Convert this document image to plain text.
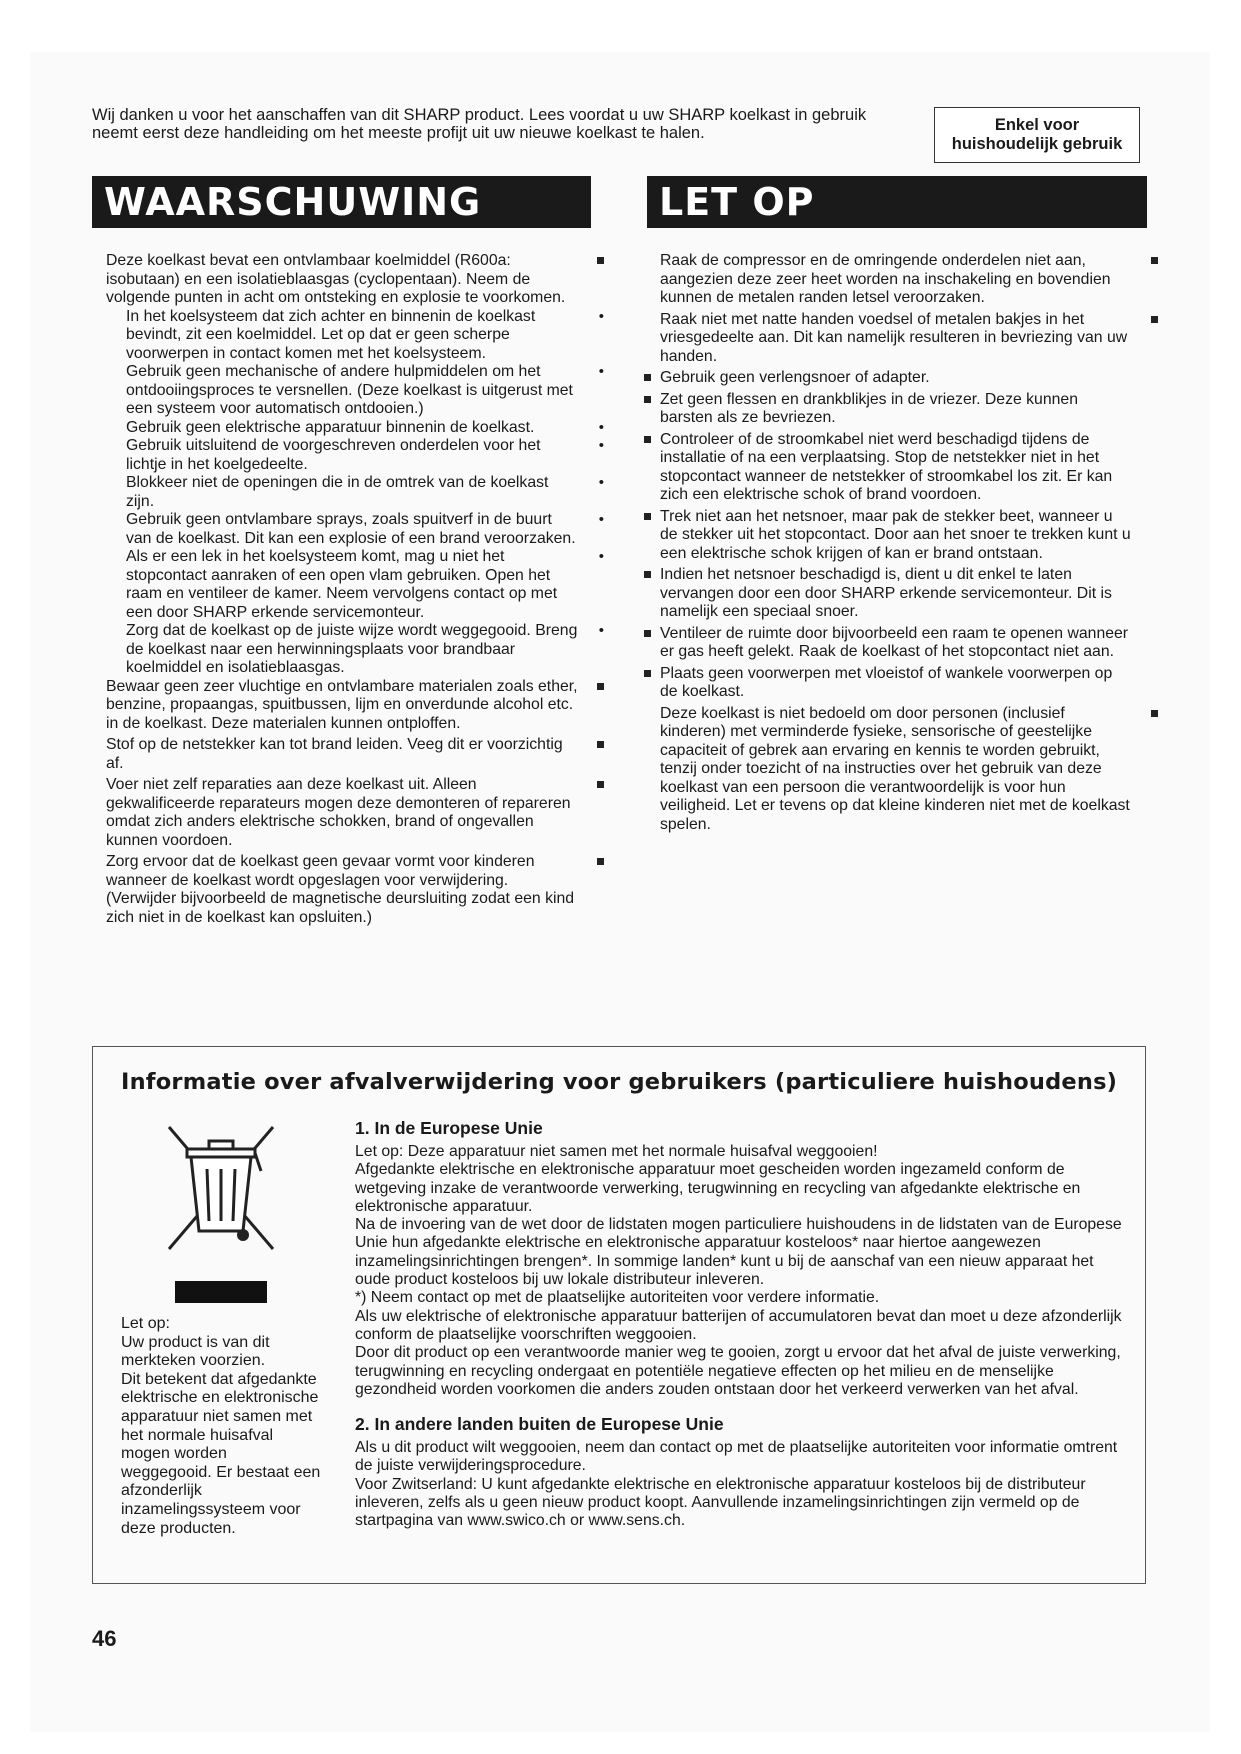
Wij danken u voor het aanschaffen van dit SHARP product. Lees voordat u uw SHARP koelkast in gebruik neemt eerst deze handleiding om het meeste profijt uit uw nieuwe koelkast te halen.	Enkel voor
huishoudelijk gebruik
WAARSCHUWING	LET OP
Deze koelkast bevat een ontvlambaar koelmiddel (R600a: isobutaan) en een isolatieblaasgas (cyclopentaan). Neem de volgende punten in acht om ontsteking en explosie te voorkomen.
In het koelsysteem dat zich achter en binnenin de koelkast bevindt, zit een koelmiddel. Let op dat er geen scherpe voorwerpen in contact komen met het koelsysteem.
•
Gebruik geen mechanische of andere hulpmiddelen om het ontdooiingsproces te versnellen. (Deze koelkast is uitgerust met een systeem voor automatisch ontdooien.)
•
Gebruik geen elektrische apparatuur binnenin de koelkast.	•
Gebruik uitsluitend de voorgeschreven onderdelen voor het lichtje in het koelgedeelte.
•
Blokkeer niet de openingen die in de omtrek van de koelkast zijn.
•
Gebruik geen ontvlambare sprays, zoals spuitverf in de buurt van de koelkast. Dit kan een explosie of een brand veroorzaken.
•
Als er een lek in het koelsysteem komt, mag u niet het stopcontact aanraken of een open vlam gebruiken. Open het raam en ventileer de kamer. Neem vervolgens contact op met een door SHARP erkende servicemonteur.
•
Zorg dat de koelkast op de juiste wijze wordt weggegooid. Breng de koelkast naar een herwinningsplaats voor brandbaar koelmiddel en isolatieblaasgas.
•
Bewaar geen zeer vluchtige en ontvlambare materialen zoals ether, benzine, propaangas, spuitbussen, lijm en onverdunde alcohol etc. in de koelkast. Deze materialen kunnen ontploffen.
Stof op de netstekker kan tot brand leiden. Veeg dit er voorzichtig af.
Voer niet zelf reparaties aan deze koelkast uit. Alleen gekwalificeerde reparateurs mogen deze demonteren of repareren omdat zich anders elektrische schokken, brand of ongevallen kunnen voordoen.
Zorg ervoor dat de koelkast geen gevaar vormt voor kinderen wanneer de koelkast wordt opgeslagen voor verwijdering. (Verwijder bijvoorbeeld de magnetische deursluiting zodat een kind zich niet in de koelkast kan opsluiten.)
Raak de compressor en de omringende onderdelen niet aan, aangezien deze zeer heet worden na inschakeling en bovendien kunnen de metalen randen letsel veroorzaken.
Raak niet met natte handen voedsel of metalen bakjes in het vriesgedeelte aan. Dit kan namelijk resulteren in bevriezing van uw handen.
Gebruik geen verlengsnoer of adapter.
Zet geen flessen en drankblikjes in de vriezer. Deze kunnen barsten als ze bevriezen.
Controleer of de stroomkabel niet werd beschadigd tijdens de installatie of na een verplaatsing. Stop de netstekker niet in het stopcontact wanneer de netstekker of stroomkabel los zit. Er kan zich een elektrische schok of brand voordoen.
Trek niet aan het netsnoer, maar pak de stekker beet, wanneer u de stekker uit het stopcontact. Door aan het snoer te trekken kunt u een elektrische schok krijgen of kan er brand ontstaan.
Indien het netsnoer beschadigd is, dient u dit enkel te laten vervangen door een door SHARP erkende servicemonteur. Dit is namelijk een speciaal snoer.
Ventileer de ruimte door bijvoorbeeld een raam te openen wanneer er gas heeft gelekt. Raak de koelkast of het stopcontact niet aan.
Plaats geen voorwerpen met vloeistof of wankele voorwerpen op de koelkast.
Deze koelkast is niet bedoeld om door personen (inclusief kinderen) met verminderde fysieke, sensorische of geestelijke capaciteit of gebrek aan ervaring en kennis te worden gebruikt, tenzij onder toezicht of na instructies over het gebruik van deze koelkast van een persoon die verantwoordelijk is voor hun veiligheid. Let er tevens op dat kleine kinderen niet met de koelkast spelen.
Informatie over afvalverwijdering voor gebruikers (particuliere huishoudens)

Let op:

Uw product is van dit merkteken voorzien.

Dit betekent dat afgedankte elektrische en elektronische apparatuur niet samen met het normale huisafval mogen worden weggegooid. Er bestaat een afzonderlijk inzamelingssysteem voor deze producten.

1. In de Europese Unie

Let op: Deze apparatuur niet samen met het normale huisafval weggooien!

Afgedankte elektrische en elektronische apparatuur moet gescheiden worden ingezameld conform de wetgeving inzake de verantwoorde verwerking, terugwinning en recycling van afgedankte elektrische en elektronische apparatuur.

Na de invoering van de wet door de lidstaten mogen particuliere huishoudens in de lidstaten van de Europese Unie hun afgedankte elektrische en elektronische apparatuur kosteloos* naar hiertoe aangewezen inzamelingsinrichtingen brengen*. In sommige landen* kunt u bij de aanschaf van een nieuw apparaat het oude product kosteloos bij uw lokale distributeur inleveren.

*) Neem contact op met de plaatselijke autoriteiten voor verdere informatie.

Als uw elektrische of elektronische apparatuur batterijen of accumulatoren bevat dan moet u deze afzonderlijk conform de plaatselijke voorschriften weggooien.

Door dit product op een verantwoorde manier weg te gooien, zorgt u ervoor dat het afval de juiste verwerking, terugwinning en recycling ondergaat en potentiële negatieve effecten op het milieu en de menselijke gezondheid worden voorkomen die anders zouden ontstaan door het verkeerd verwerken van het afval.

2. In andere landen buiten de Europese Unie

Als u dit product wilt weggooien, neem dan contact op met de plaatselijke autoriteiten voor informatie omtrent de juiste verwijderingsprocedure.

Voor Zwitserland: U kunt afgedankte elektrische en elektronische apparatuur kosteloos bij de distributeur inleveren, zelfs als u geen nieuw product koopt. Aanvullende inzamelingsinrichtingen zijn vermeld op de startpagina van www.swico.ch or www.sens.ch.

46
